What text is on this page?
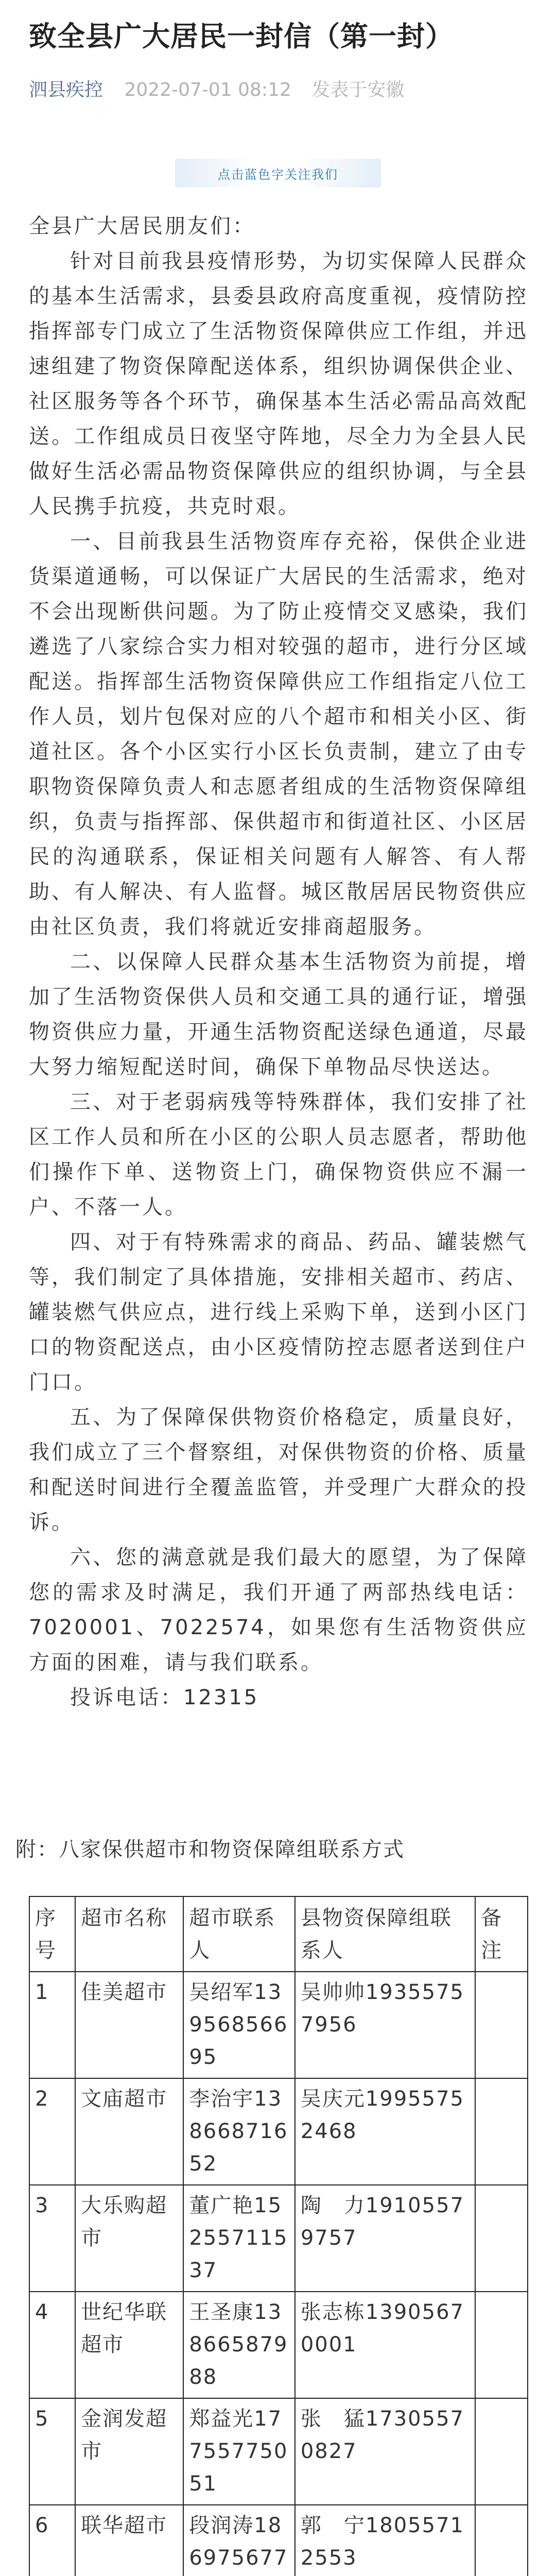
致全县广大居民一封信（第一封）
泗县疾控 2022-07-01 08:12 发表于安徽
点击蓝色字关注我们

全县广大居民朋友们：

针对目前我县疫情形势，为切实保障人民群众的基本生活需求，县委县政府高度重视，疫情防控指挥部专门成立了生活物资保障供应工作组，并迅速组建了物资保障配送体系，组织协调保供企业、社区服务等各个环节，确保基本生活必需品高效配送。工作组成员日夜坚守阵地，尽全力为全县人民做好生活必需品物资保障供应的组织协调，与全县人民携手抗疫，共克时艰。

一、目前我县生活物资库存充裕，保供企业进货渠道通畅，可以保证广大居民的生活需求，绝对不会出现断供问题。为了防止疫情交叉感染，我们遴选了八家综合实力相对较强的超市，进行分区域配送。指挥部生活物资保障供应工作组指定八位工作人员，划片包保对应的八个超市和相关小区、街道社区。各个小区实行小区长负责制，建立了由专职物资保障负责人和志愿者组成的生活物资保障组织，负责与指挥部、保供超市和街道社区、小区居民的沟通联系，保证相关问题有人解答、有人帮助、有人解决、有人监督。城区散居居民物资供应由社区负责，我们将就近安排商超服务。

二、以保障人民群众基本生活物资为前提，增加了生活物资保供人员和交通工具的通行证，增强物资供应力量，开通生活物资配送绿色通道，尽最大努力缩短配送时间，确保下单物品尽快送达。

三、对于老弱病残等特殊群体，我们安排了社区工作人员和所在小区的公职人员志愿者，帮助他们操作下单、送物资上门，确保物资供应不漏一户、不落一人。

四、对于有特殊需求的商品、药品、罐装燃气等，我们制定了具体措施，安排相关超市、药店、罐装燃气供应点，进行线上采购下单，送到小区门口的物资配送点，由小区疫情防控志愿者送到住户门口。

五、为了保障保供物资价格稳定，质量良好，我们成立了三个督察组，对保供物资的价格、质量和配送时间进行全覆盖监管，并受理广大群众的投诉。

六、您的满意就是我们最大的愿望，为了保障您的需求及时满足，我们开通了两部热线电话：7020001、7022574，如果您有生活物资供应方面的困难，请与我们联系。

投诉电话：12315

附：八家保供超市和物资保障组联系方式
序号	超市名称	超市联系人	县物资保障组联系人	备注
1	佳美超市	吴绍军13956856695	吴帅帅19355757956	
2	文庙超市	李治宇13866871652	吴庆元19955752468	
3	大乐购超市	董广艳15255711537	陶　力19105579757	
4	世纪华联超市	王圣康13866587988	张志栋13905670001	
5	金润发超市	郑益光17755775051	张　猛17305570827	
6	联华超市	段润涛186975677	郭　宁18055712553	
